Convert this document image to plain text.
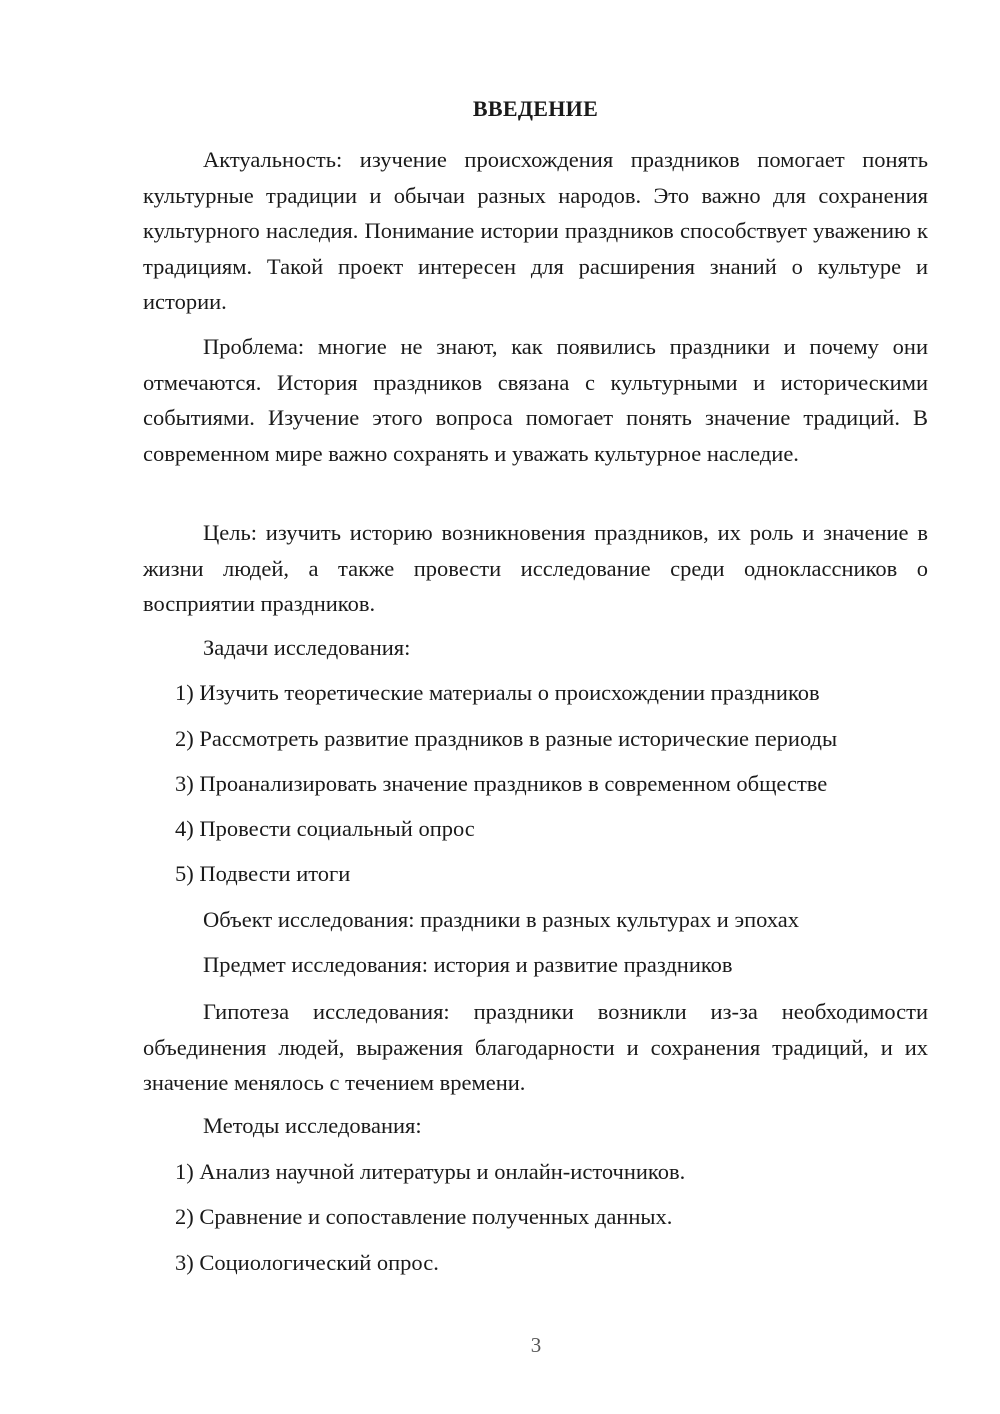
ВВЕДЕНИЕ

Актуальность: изучение происхождения праздников помогает понять культурные традиции и обычаи разных народов. Это важно для сохранения культурного наследия. Понимание истории праздников способствует уважению к традициям. Такой проект интересен для расширения знаний о культуре и истории.

Проблема: многие не знают, как появились праздники и почему они отмечаются. История праздников связана с культурными и историческими событиями. Изучение этого вопроса помогает понять значение традиций. В современном мире важно сохранять и уважать культурное наследие.

Цель: изучить историю возникновения праздников, их роль и значение в жизни людей, а также провести исследование среди одноклассников о восприятии праздников.

Задачи исследования:

1) Изучить теоретические материалы о происхождении праздников

2) Рассмотреть развитие праздников в разные исторические периоды

3) Проанализировать значение праздников в современном обществе

4) Провести социальный опрос

5) Подвести итоги

Объект исследования: праздники в разных культурах и эпохах

Предмет исследования: история и развитие праздников

Гипотеза исследования: праздники возникли из-за необходимости объединения людей, выражения благодарности и сохранения традиций, и их значение менялось с течением времени.

Методы исследования:

1) Анализ научной литературы и онлайн-источников.

2) Сравнение и сопоставление полученных данных.

3) Социологический опрос.

3
